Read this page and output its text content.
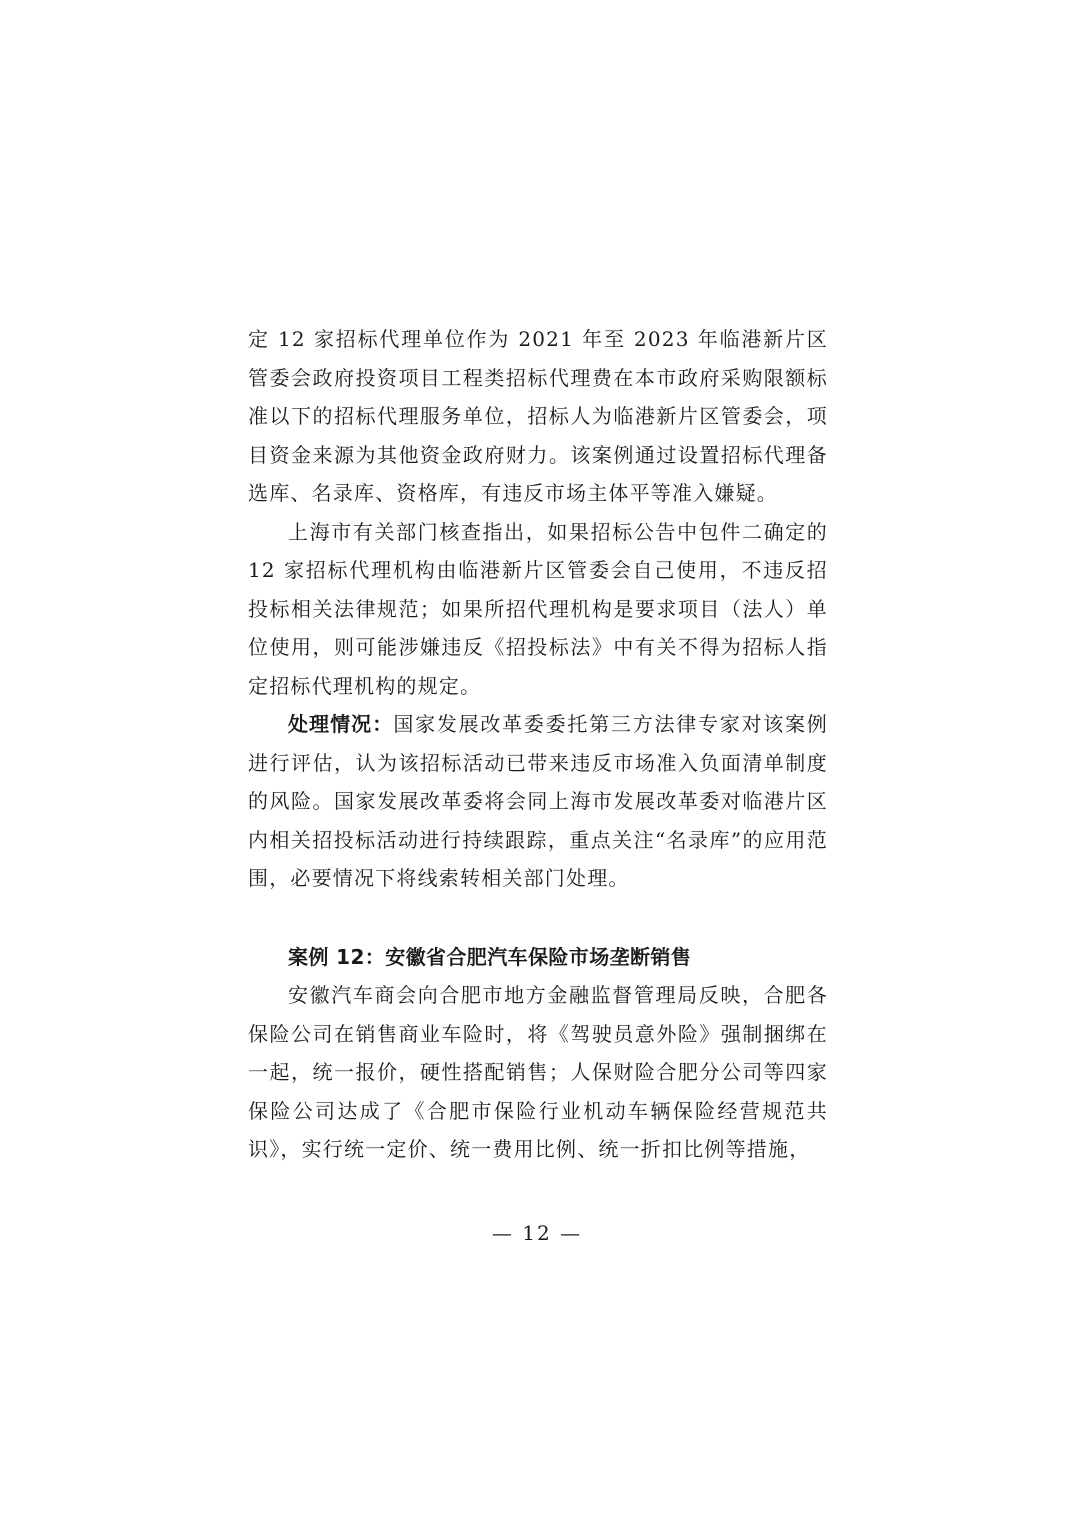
定 12 家招标代理单位作为 2021 年至 2023 年临港新片区管委会政府投资项目工程类招标代理费在本市政府采购限额标准以下的招标代理服务单位，招标人为临港新片区管委会，项目资金来源为其他资金政府财力。该案例通过设置招标代理备选库、名录库、资格库，有违反市场主体平等准入嫌疑。

上海市有关部门核查指出，如果招标公告中包件二确定的 12 家招标代理机构由临港新片区管委会自己使用，不违反招投标相关法律规范；如果所招代理机构是要求项目（法人）单位使用，则可能涉嫌违反《招投标法》中有关不得为招标人指定招标代理机构的规定。

处理情况：国家发展改革委委托第三方法律专家对该案例进行评估，认为该招标活动已带来违反市场准入负面清单制度的风险。国家发展改革委将会同上海市发展改革委对临港片区内相关招投标活动进行持续跟踪，重点关注“名录库”的应用范围，必要情况下将线索转相关部门处理。

案例 12：安徽省合肥汽车保险市场垄断销售

安徽汽车商会向合肥市地方金融监督管理局反映，合肥各保险公司在销售商业车险时，将《驾驶员意外险》强制捆绑在一起，统一报价，硬性搭配销售；人保财险合肥分公司等四家保险公司达成了《合肥市保险行业机动车辆保险经营规范共识》，实行统一定价、统一费用比例、统一折扣比例等措施，

— 12 —
